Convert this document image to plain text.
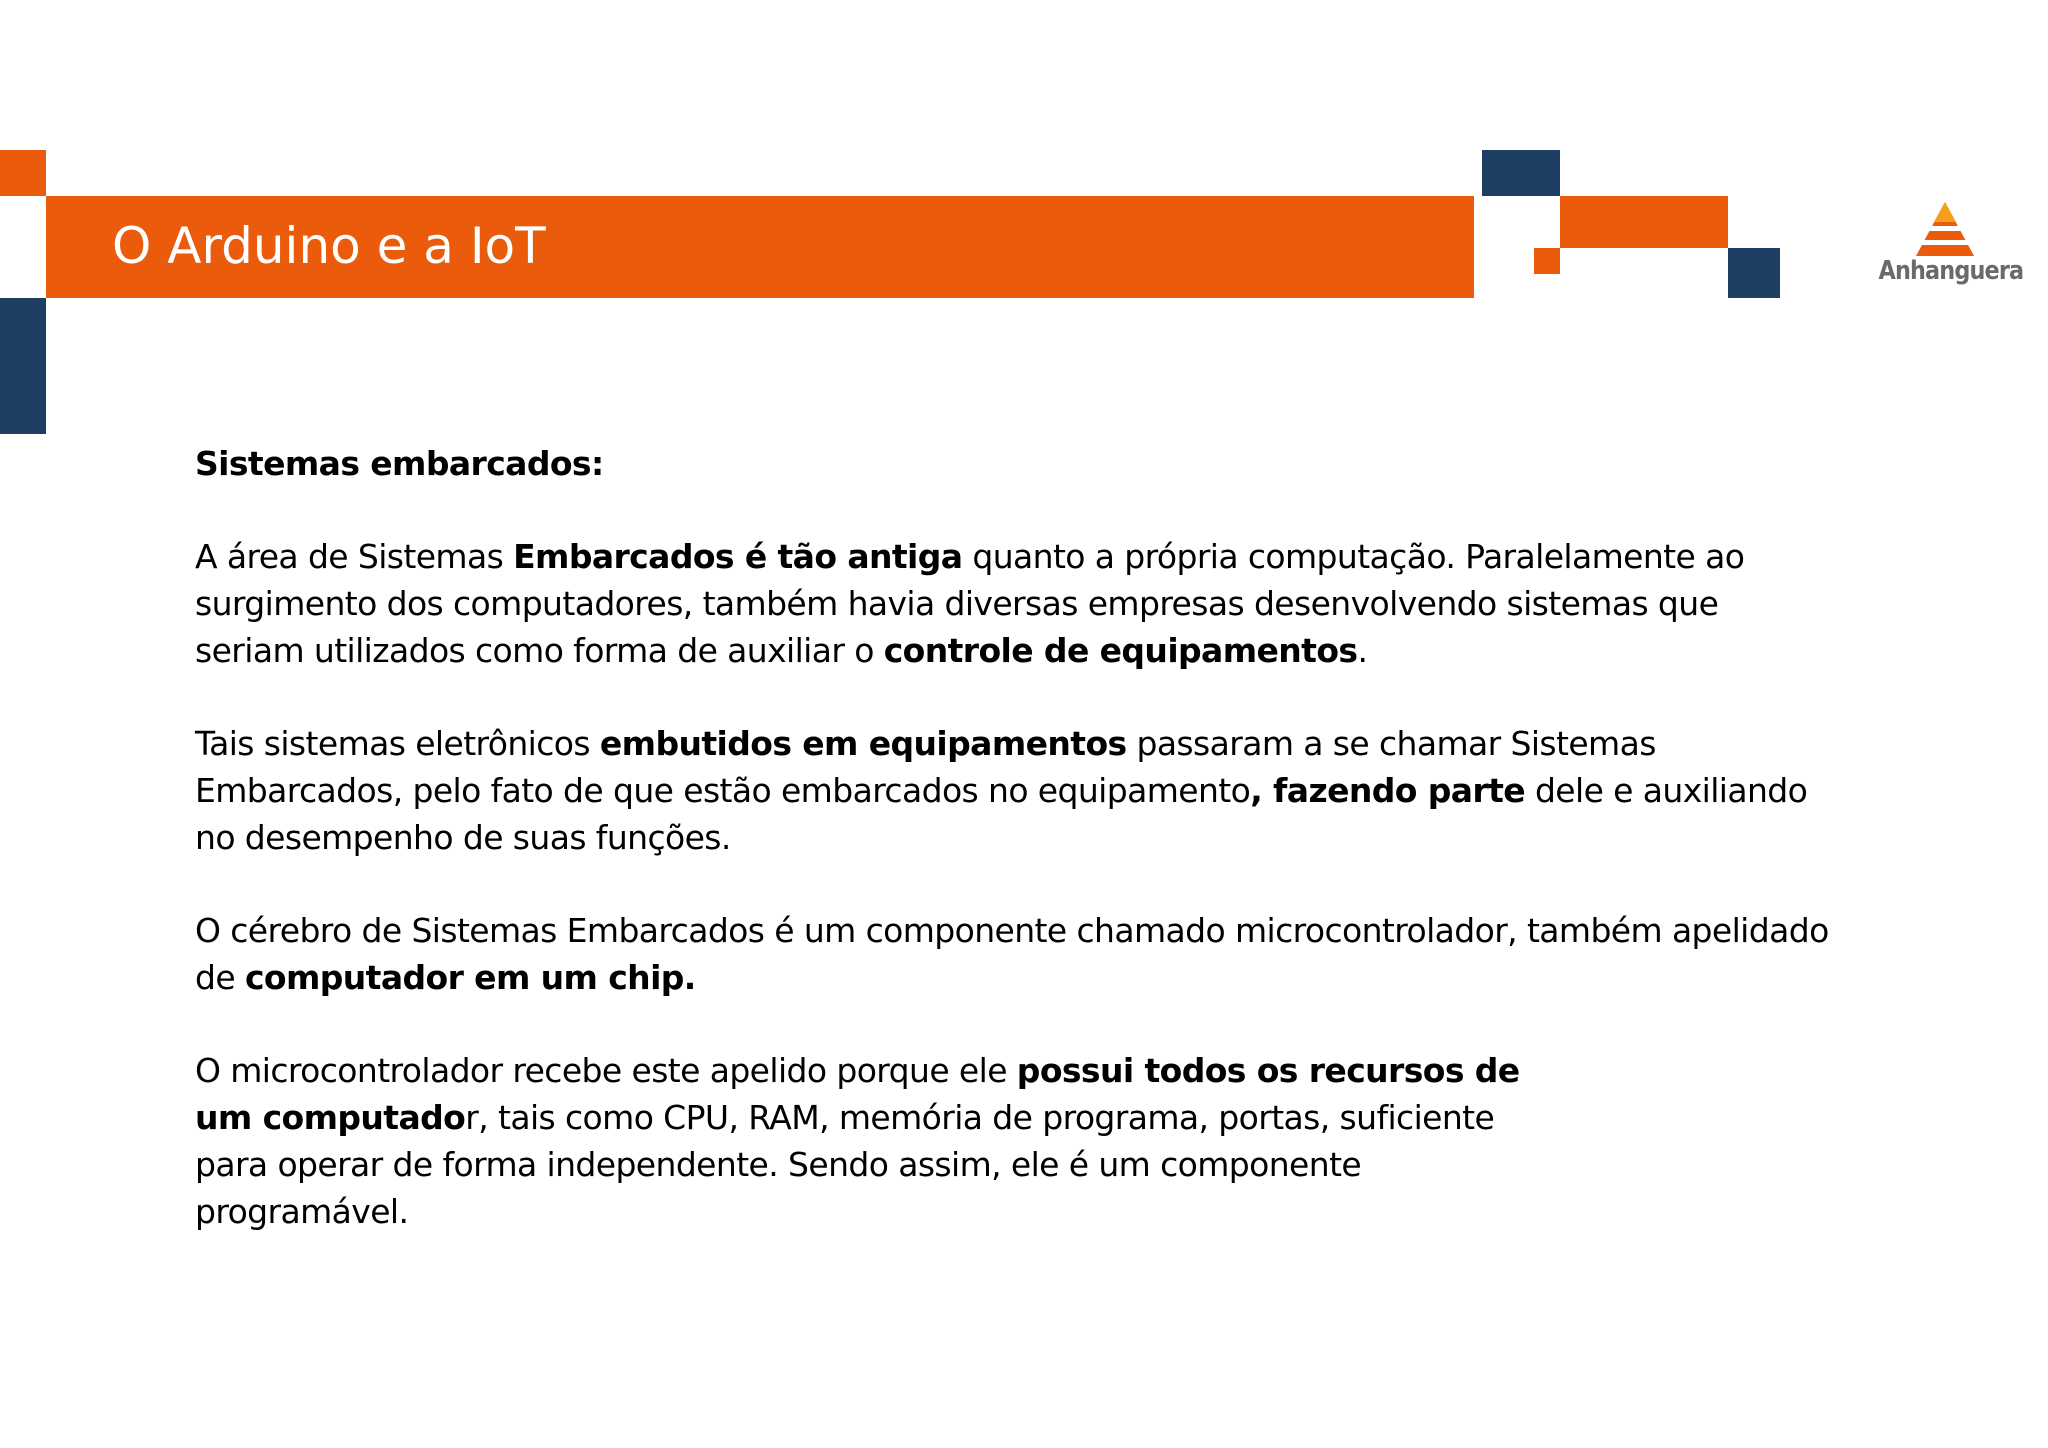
O Arduino e a IoT	Anhanguera

Sistemas embarcados:

A área de Sistemas Embarcados é tão antiga quanto a própria computação. Paralelamente ao surgimento dos computadores, também havia diversas empresas desenvolvendo sistemas que seriam utilizados como forma de auxiliar o controle de equipamentos.

Tais sistemas eletrônicos embutidos em equipamentos passaram a se chamar Sistemas Embarcados, pelo fato de que estão embarcados no equipamento, fazendo parte dele e auxiliando no desempenho de suas funções.

O cérebro de Sistemas Embarcados é um componente chamado microcontrolador, também apelidado de computador em um chip.

O microcontrolador recebe este apelido porque ele possui todos os recursos de um computador, tais como CPU, RAM, memória de programa, portas, suficiente para operar de forma independente. Sendo assim, ele é um componente programável.
